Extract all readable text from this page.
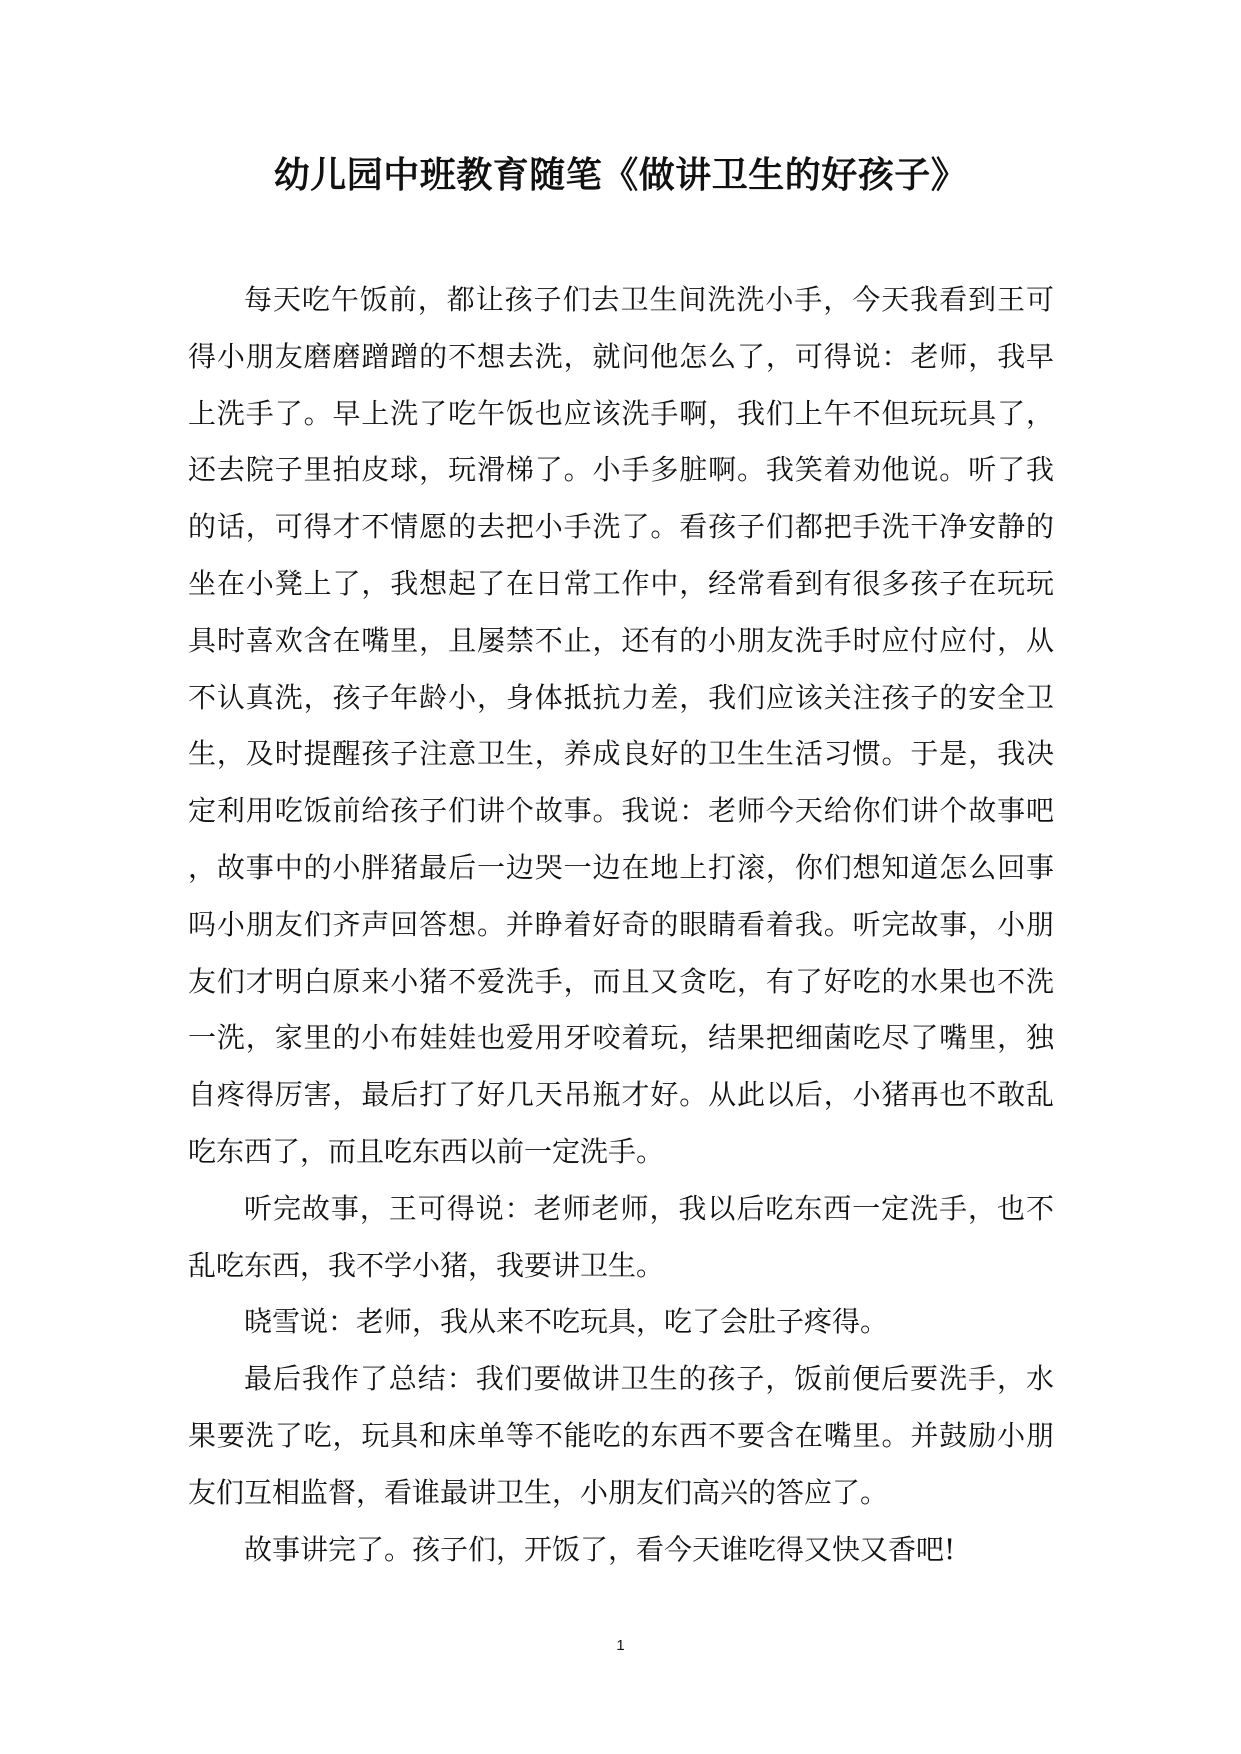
幼儿园中班教育随笔《做讲卫生的好孩子》

每天吃午饭前，都让孩子们去卫生间洗洗小手，今天我看到王可得小朋友磨磨蹭蹭的不想去洗，就问他怎么了，可得说：老师，我早上洗手了。早上洗了吃午饭也应该洗手啊，我们上午不但玩玩具了，还去院子里拍皮球，玩滑梯了。小手多脏啊。我笑着劝他说。听了我的话，可得才不情愿的去把小手洗了。看孩子们都把手洗干净安静的坐在小凳上了，我想起了在日常工作中，经常看到有很多孩子在玩玩具时喜欢含在嘴里，且屡禁不止，还有的小朋友洗手时应付应付，从不认真洗，孩子年龄小，身体抵抗力差，我们应该关注孩子的安全卫生，及时提醒孩子注意卫生，养成良好的卫生生活习惯。于是，我决定利用吃饭前给孩子们讲个故事。我说：老师今天给你们讲个故事吧，故事中的小胖猪最后一边哭一边在地上打滚，你们想知道怎么回事吗小朋友们齐声回答想。并睁着好奇的眼睛看着我。听完故事，小朋友们才明白原来小猪不爱洗手，而且又贪吃，有了好吃的水果也不洗一洗，家里的小布娃娃也爱用牙咬着玩，结果把细菌吃尽了嘴里，独自疼得厉害，最后打了好几天吊瓶才好。从此以后，小猪再也不敢乱吃东西了，而且吃东西以前一定洗手。

听完故事，王可得说：老师老师，我以后吃东西一定洗手，也不乱吃东西，我不学小猪，我要讲卫生。

晓雪说：老师，我从来不吃玩具，吃了会肚子疼得。

最后我作了总结：我们要做讲卫生的孩子，饭前便后要洗手，水果要洗了吃，玩具和床单等不能吃的东西不要含在嘴里。并鼓励小朋友们互相监督，看谁最讲卫生，小朋友们高兴的答应了。

故事讲完了。孩子们，开饭了，看今天谁吃得又快又香吧!

1
